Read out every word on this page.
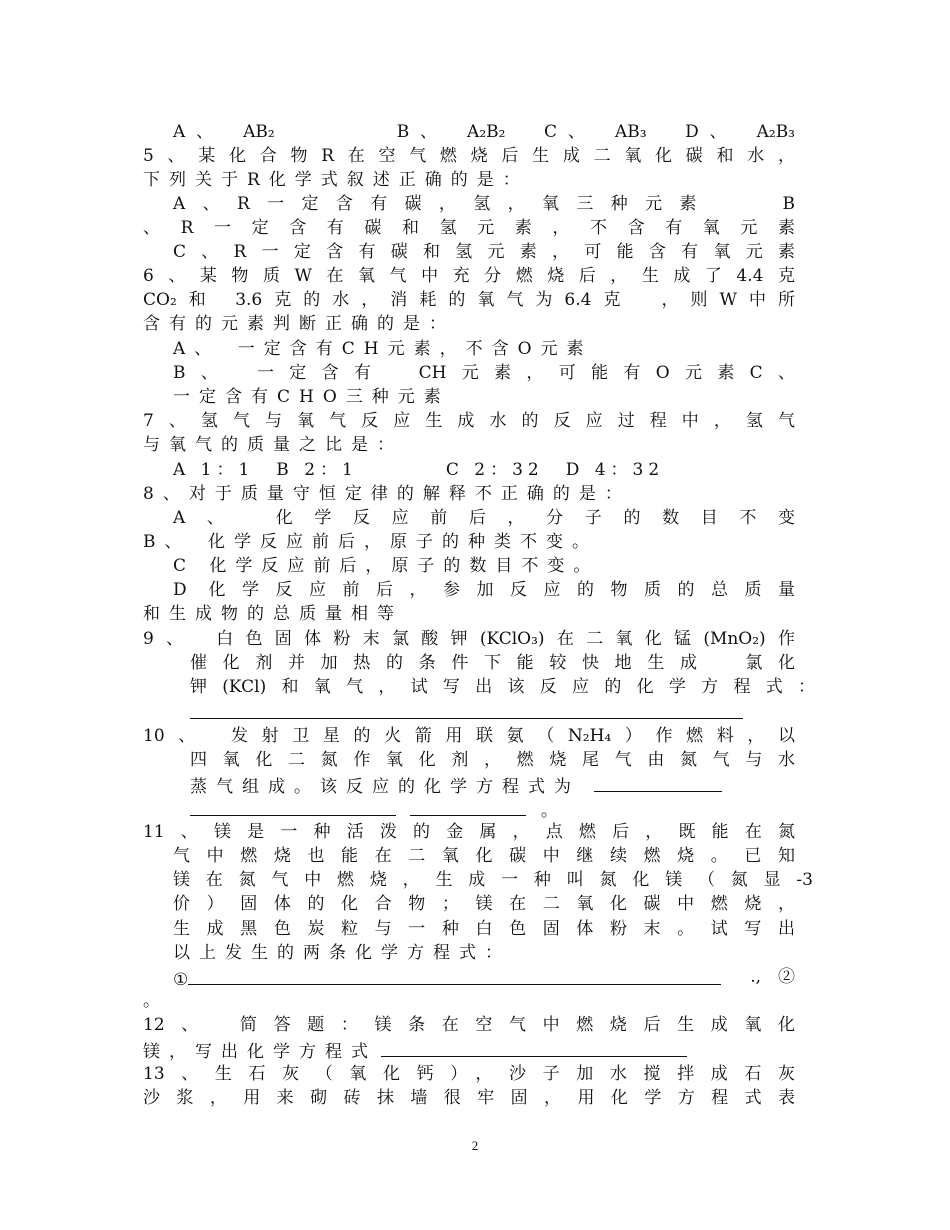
A、　AB₂　　　　B、　A₂B₂　C、　AB₃　D、　A₂B₃
5、某化合物R在空气燃烧后生成二氧化碳和水，
下列关于R化学式叙述正确的是：
A、R一定含有碳，氢，氧三种元素　　B
、R一定含有碳和氢元素，不含有氧元素
C、R一定含有碳和氢元素，可能含有氧元素
6、某物质W在氧气中充分燃烧后，生成了4.4克
CO₂和 3.6克的水，消耗的氧气为6.4克　，则W中所
含有的元素判断正确的是：
A、　一定含有CH元素，不含O元素
B、　一定含有　CH元素，可能有O元素C、
一定含有CHO三种元素
7、氢气与氧气反应生成水的反应过程中，氢气
与氧气的质量之比是：
A 1：1　B 2：1　　　　C 2：32　D 4：32
8、对于质量守恒定律的解释不正确的是：
A、　化学反应前后，分子的数目不变
B、　化学反应前后，原子的种类不变。
C 化学反应前后，原子的数目不变。
D 化学反应前后，参加反应的物质的总质量
和生成物的总质量相等
9、　白色固体粉末氯酸钾(KClO₃)在二氧化锰(MnO₂)作
催化剂并加热的条件下能较快地生成　氯化
钾(KCl)和氧气，试写出该反应的化学方程式：
10、　发射卫星的火箭用联氨（N₂H₄）作燃料，以
四氧化二氮作氧化剂，燃烧尾气由氮气与水
蒸气组成。该反应的化学方程式为
。
11、镁是一种活泼的金属，点燃后，既能在氮
气中燃烧也能在二氧化碳中继续燃烧。已知
镁在氮气中燃烧，生成一种叫氮化镁（氮显-3
价）固体的化合物；镁在二氧化碳中燃烧，
生成黑色炭粒与一种白色固体粉末。试写出
以上发生的两条化学方程式：
①	.,　②
。
12、　简答题：镁条在空气中燃烧后生成氧化
镁，写出化学方程式
13、生石灰（氧化钙），沙子加水搅拌成石灰
沙浆，用来砌砖抹墙很牢固，用化学方程式表
2
